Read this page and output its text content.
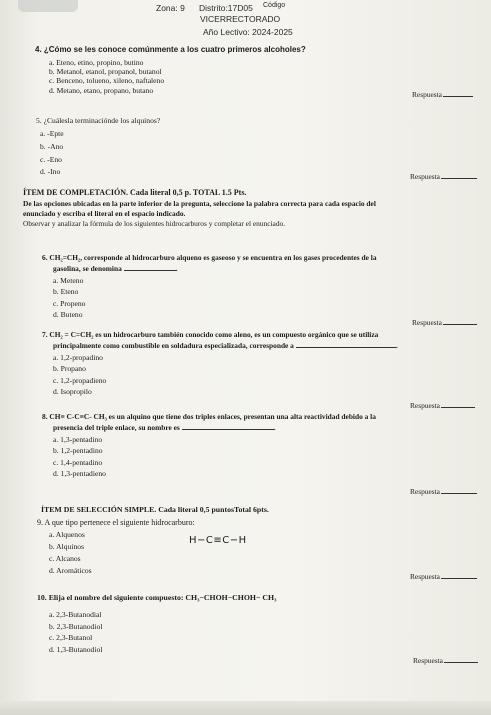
Zona: 9 Distrito:17D05 Código
VICERRECTORADO
Año Lectivo: 2024-2025
4. ¿Cómo se les conoce comúnmente a los cuatro primeros alcoholes?
a. Eteno, etino, propino, butino
b. Metanol, etanol, propanol, butanol
c. Benceno, tolueno, xileno, naftaleno
d. Metano, etano, propano, butano	Respuesta
5. ¿Cuálesla terminaciónde los alquinos?
a. -Epte
b. -Ano
c. -Eno
d. -Ino
Respuesta
ÍTEM DE COMPLETACIÓN. Cada literal 0,5 p. TOTAL 1.5 Pts.
De las opciones ubicadas en la parte inferior de la pregunta, seleccione la palabra correcta para cada espacio del
enunciado y escriba el literal en el espacio indicado.
Observar y analizar la fórmula de los siguientes hidrocarburos y completar el enunciado.
6. CH₂=CH₂, corresponde al hidrocarburo alqueno es gaseoso y se encuentra en los gases procedentes de la
gasolina, se denomina	.
a. Meteno
b. Eteno
c. Propeno
d. Buteno
Respuesta
7. CH₂ = C=CH₂ es un hidrocarburo también conocido como aleno, es un compuesto orgánico que se utiliza
principalmente como combustible en soldadura especializada, corresponde a	.
a. 1,2-propadino
b. Propano
c. 1,2-propadieno
d. Isopropilo
Respuesta
8. CH≡ C-C≡C- CH₃ es un alquino que tiene dos triples enlaces, presentan una alta reactividad debido a la
presencia del triple enlace, su nombre es	.
a. 1,3-pentadino
b. 1,2-pentadino
c. 1,4-pentadino
d. 1,3-pentadieno
Respuesta
ÍTEM DE SELECCIÓN SIMPLE. Cada literal 0,5 puntosTotal 6pts.
9. A que tipo pertenece el siguiente hidrocarburo:
a. Alquenos
b. Alquinos
c. Alcanos
d. Aromáticos
H−C≡C−H
Respuesta
10. Elija el nombre del siguiente compuesto: CH₃−CHOH−CHOH− CH₃
a. 2,3-Butanodial
b. 2,3-Butanodiol
c. 2,3-Butanol
d. 1,3-Butanodiol
Respuesta
